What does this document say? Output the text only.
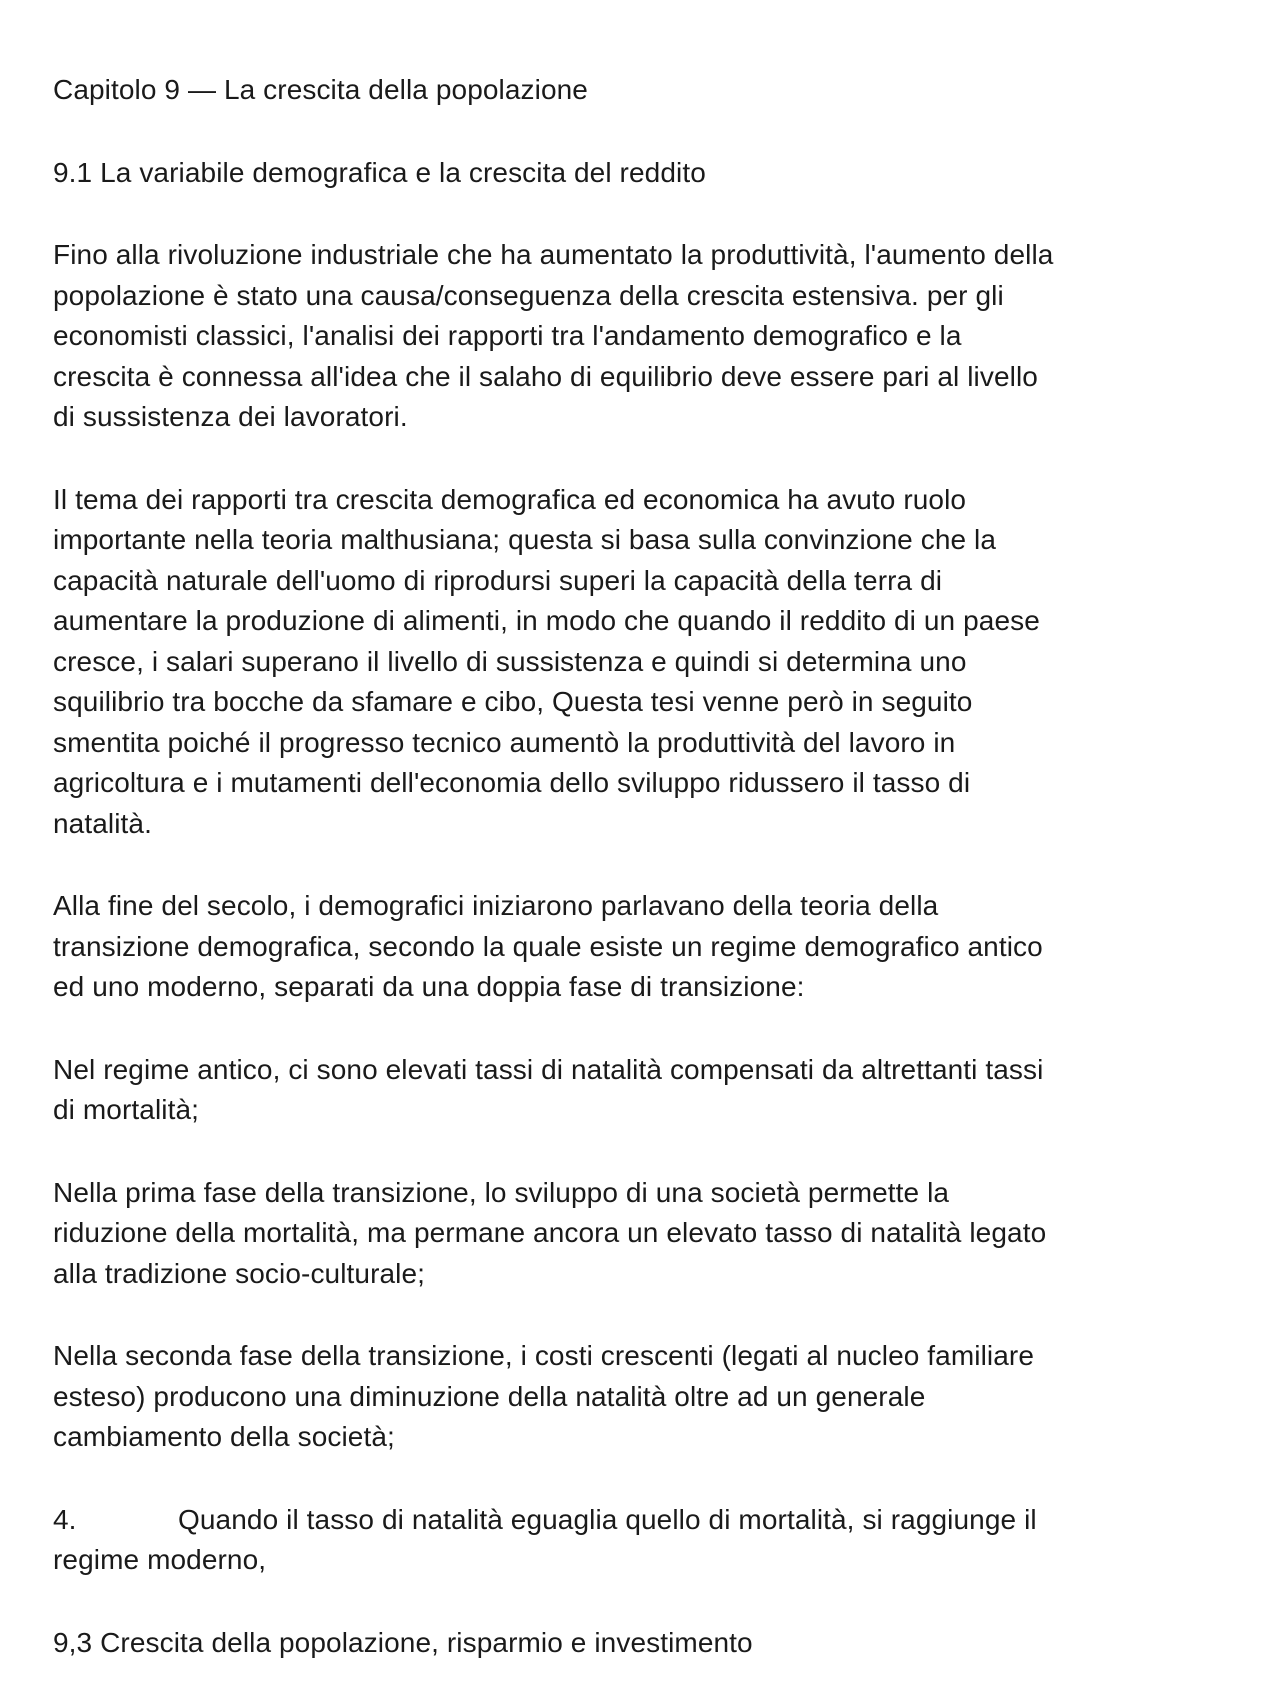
Capitolo 9 — La crescita della popolazione
9.1 La variabile demografica e la crescita del reddito
Fino alla rivoluzione industriale che ha aumentato la produttività, l'aumento della
popolazione è stato una causa/conseguenza della crescita estensiva. per gli
economisti classici, l'analisi dei rapporti tra l'andamento demografico e la
crescita è connessa all'idea che il salaho di equilibrio deve essere pari al livello
di sussistenza dei lavoratori.
Il tema dei rapporti tra crescita demografica ed economica ha avuto ruolo
importante nella teoria malthusiana; questa si basa sulla convinzione che la
capacità naturale dell'uomo di riprodursi superi la capacità della terra di
aumentare la produzione di alimenti, in modo che quando il reddito di un paese
cresce, i salari superano il livello di sussistenza e quindi si determina uno
squilibrio tra bocche da sfamare e cibo, Questa tesi venne però in seguito
smentita poiché il progresso tecnico aumentò la produttività del lavoro in
agricoltura e i mutamenti dell'economia dello sviluppo ridussero il tasso di
natalità.
Alla fine del secolo, i demografici iniziarono parlavano della teoria della
transizione demografica, secondo la quale esiste un regime demografico antico
ed uno moderno, separati da una doppia fase di transizione:
Nel regime antico, ci sono elevati tassi di natalità compensati da altrettanti tassi
di mortalità;
Nella prima fase della transizione, lo sviluppo di una società permette la
riduzione della mortalità, ma permane ancora un elevato tasso di natalità legato
alla tradizione socio-culturale;
Nella seconda fase della transizione, i costi crescenti (legati al nucleo familiare
esteso) producono una diminuzione della natalità oltre ad un generale
cambiamento della società;
4.	Quando il tasso di natalità eguaglia quello di mortalità, si raggiunge il
regime moderno,
9,3 Crescita della popolazione, risparmio e investimento
